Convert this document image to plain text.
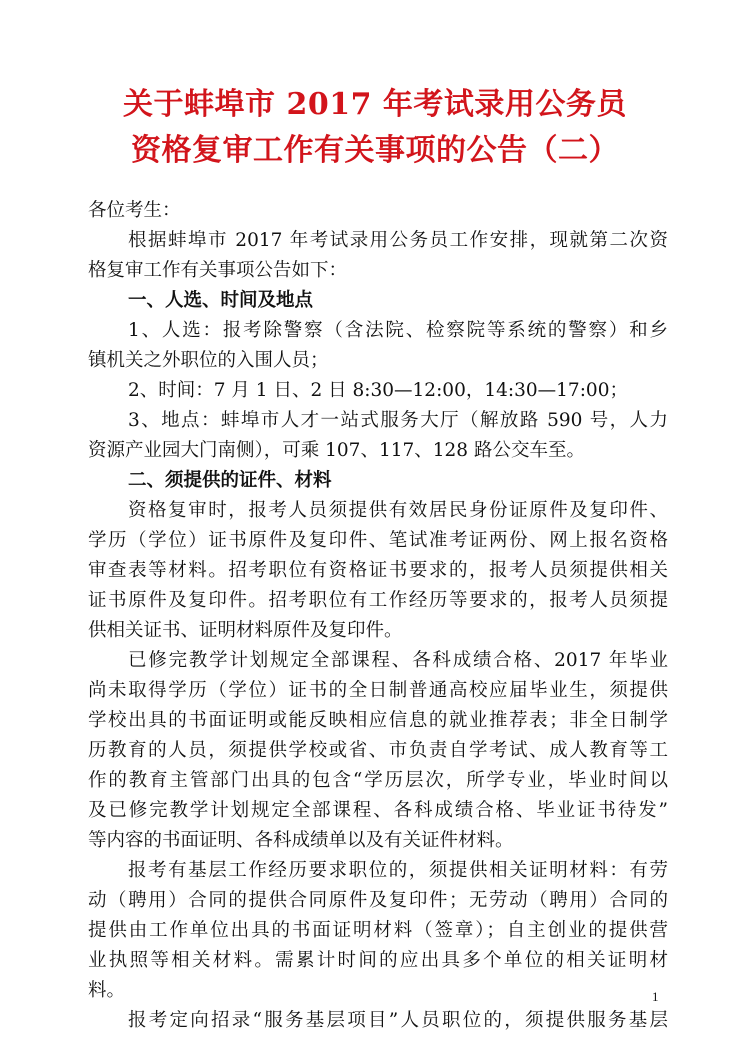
关于蚌埠市 2017 年考试录用公务员
资格复审工作有关事项的公告（二）
各位考生：
根据蚌埠市 2017 年考试录用公务员工作安排，现就第二次资
格复审工作有关事项公告如下：
一、人选、时间及地点
1、人选：报考除警察（含法院、检察院等系统的警察）和乡
镇机关之外职位的入围人员；
2、时间：7 月 1 日、2 日 8:30—12:00，14:30—17:00；
3、地点：蚌埠市人才一站式服务大厅（解放路 590 号，人力
资源产业园大门南侧），可乘 107、117、128 路公交车至。
二、须提供的证件、材料
资格复审时，报考人员须提供有效居民身份证原件及复印件、
学历（学位）证书原件及复印件、笔试准考证两份、网上报名资格
审查表等材料。招考职位有资格证书要求的，报考人员须提供相关
证书原件及复印件。招考职位有工作经历等要求的，报考人员须提
供相关证书、证明材料原件及复印件。
已修完教学计划规定全部课程、各科成绩合格、2017 年毕业
尚未取得学历（学位）证书的全日制普通高校应届毕业生，须提供
学校出具的书面证明或能反映相应信息的就业推荐表；非全日制学
历教育的人员，须提供学校或省、市负责自学考试、成人教育等工
作的教育主管部门出具的包含“学历层次，所学专业，毕业时间以
及已修完教学计划规定全部课程、各科成绩合格、毕业证书待发”
等内容的书面证明、各科成绩单以及有关证件材料。
报考有基层工作经历要求职位的，须提供相关证明材料：有劳
动（聘用）合同的提供合同原件及复印件；无劳动（聘用）合同的
提供由工作单位出具的书面证明材料（签章）；自主创业的提供营
业执照等相关材料。需累计时间的应出具多个单位的相关证明材
料。
报考定向招录“服务基层项目”人员职位的，须提供服务基层
1
